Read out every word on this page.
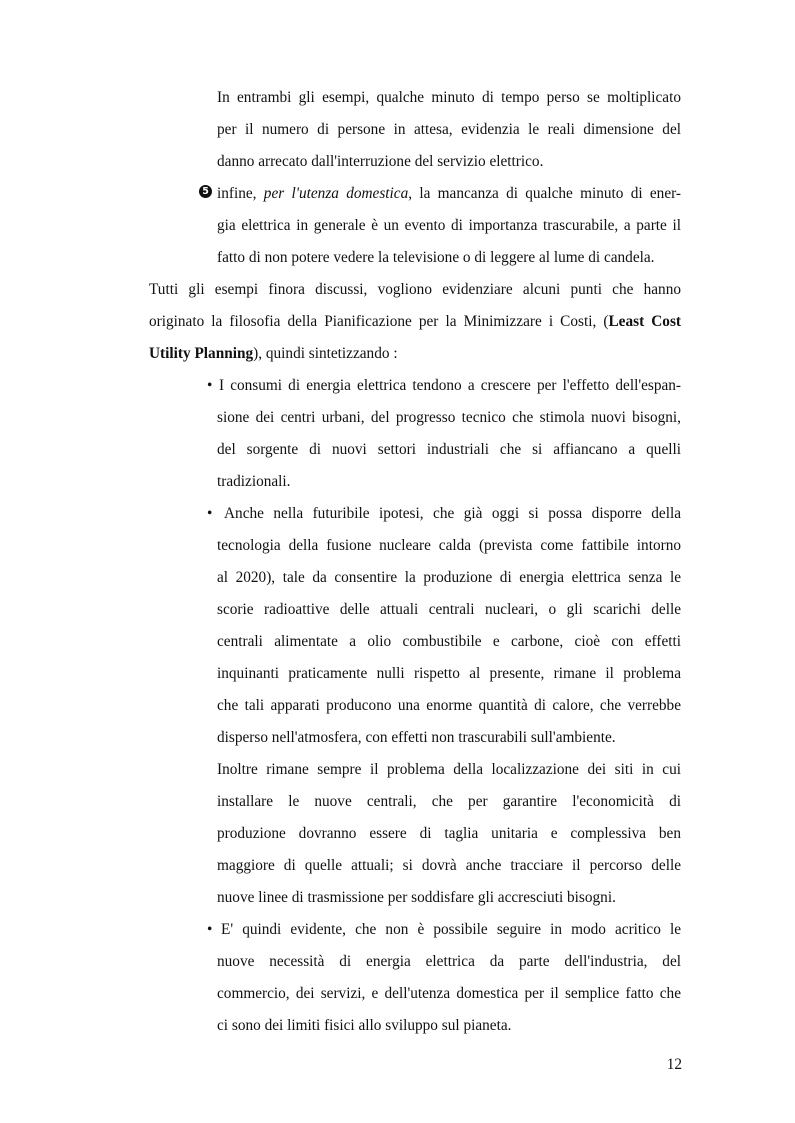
In entrambi gli esempi, qualche minuto di tempo perso se moltiplicato
per il numero di persone in attesa, evidenzia le reali dimensione del
danno arrecato dall'interruzione del servizio elettrico.
5 infine, per l'utenza domestica, la mancanza di qualche minuto di ener-
gia elettrica in generale è un evento di importanza trascurabile, a parte il
fatto di non potere vedere la televisione o di leggere al lume di candela.
Tutti gli esempi finora discussi, vogliono evidenziare alcuni punti che hanno
originato la filosofia della Pianificazione per la Minimizzare i Costi, (Least Cost
Utility Planning), quindi sintetizzando :
• I consumi di energia elettrica tendono a crescere per l'effetto dell'espan-
sione dei centri urbani, del progresso tecnico che stimola nuovi bisogni,
del sorgente di nuovi settori industriali che si affiancano a quelli
tradizionali.
• Anche nella futuribile ipotesi, che già oggi si possa disporre della
tecnologia della fusione nucleare calda (prevista come fattibile intorno
al 2020), tale da consentire la produzione di energia elettrica senza le
scorie radioattive delle attuali centrali nucleari, o gli scarichi delle
centrali alimentate a olio combustibile e carbone, cioè con effetti
inquinanti praticamente nulli rispetto al presente, rimane il problema
che tali apparati producono una enorme quantità di calore, che verrebbe
disperso nell'atmosfera, con effetti non trascurabili sull'ambiente.
Inoltre rimane sempre il problema della localizzazione dei siti in cui
installare le nuove centrali, che per garantire l'economicità di
produzione dovranno essere di taglia unitaria e complessiva ben
maggiore di quelle attuali; si dovrà anche tracciare il percorso delle
nuove linee di trasmissione per soddisfare gli accresciuti bisogni.
• E' quindi evidente, che non è possibile seguire in modo acritico le
nuove necessità di energia elettrica da parte dell'industria, del
commercio, dei servizi, e dell'utenza domestica per il semplice fatto che
ci sono dei limiti fisici allo sviluppo sul pianeta.
12
